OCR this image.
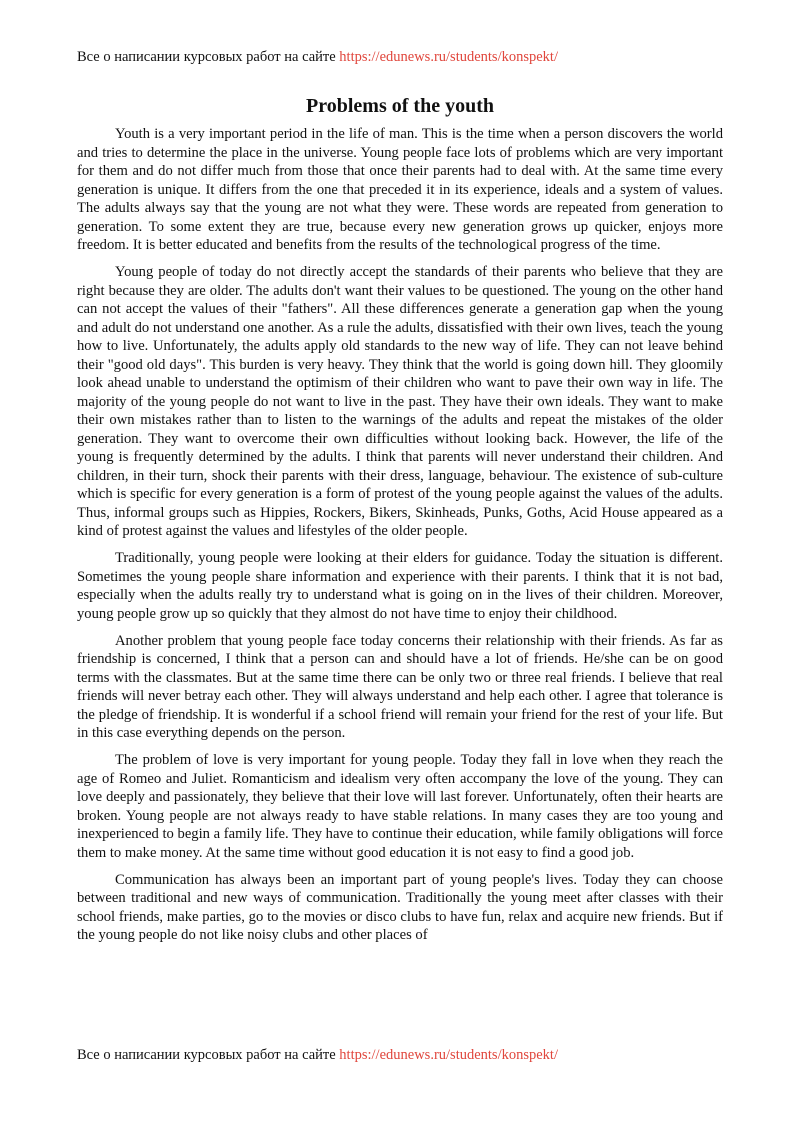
Все о написании курсовых работ на сайте https://edunews.ru/students/konspekt/
Problems of the youth

Youth is a very important period in the life of man. This is the time when a person discovers the world and tries to determine the place in the universe. Young people face lots of problems which are very important for them and do not differ much from those that once their parents had to deal with. At the same time every generation is unique. It differs from the one that preceded it in its experience, ideals and a system of values. The adults always say that the young are not what they were. These words are repeated from generation to generation. To some extent they are true, because every new generation grows up quicker, enjoys more freedom. It is better educated and benefits from the results of the technological progress of the time.

Young people of today do not directly accept the standards of their parents who believe that they are right because they are older. The adults don't want their values to be questioned. The young on the other hand can not accept the values of their "fathers". All these differences generate a generation gap when the young and adult do not understand one another. As a rule the adults, dissatisfied with their own lives, teach the young how to live. Unfortunately, the adults apply old standards to the new way of life. They can not leave behind their "good old days". This burden is very heavy. They think that the world is going down hill. They gloomily look ahead unable to understand the optimism of their children who want to pave their own way in life. The majority of the young people do not want to live in the past. They have their own ideals. They want to make their own mistakes rather than to listen to the warnings of the adults and repeat the mistakes of the older generation. They want to overcome their own difficulties without looking back. However, the life of the young is frequently determined by the adults. I think that parents will never understand their children. And children, in their turn, shock their parents with their dress, language, behaviour. The existence of sub-culture which is specific for every generation is a form of protest of the young people against the values of the adults. Thus, informal groups such as Hippies, Rockers, Bikers, Skinheads, Punks, Goths, Acid House appeared as a kind of protest against the values and lifestyles of the older people.

Traditionally, young people were looking at their elders for guidance. Today the situation is different. Sometimes the young people share information and experience with their parents. I think that it is not bad, especially when the adults really try to understand what is going on in the lives of their children. Moreover, young people grow up so quickly that they almost do not have time to enjoy their childhood.

Another problem that young people face today concerns their relationship with their friends. As far as friendship is concerned, I think that a person can and should have a lot of friends. He/she can be on good terms with the classmates. But at the same time there can be only two or three real friends. I believe that real friends will never betray each other. They will always understand and help each other. I agree that tolerance is the pledge of friendship. It is wonderful if a school friend will remain your friend for the rest of your life. But in this case everything depends on the person.

The problem of love is very important for young people. Today they fall in love when they reach the age of Romeo and Juliet. Romanticism and idealism very often accompany the love of the young. They can love deeply and passionately, they believe that their love will last forever. Unfortunately, often their hearts are broken. Young people are not always ready to have stable relations. In many cases they are too young and inexperienced to begin a family life. They have to continue their education, while family obligations will force them to make money. At the same time without good education it is not easy to find a good job.

Communication has always been an important part of young people's lives. Today they can choose between traditional and new ways of communication. Traditionally the young meet after classes with their school friends, make parties, go to the movies or disco clubs to have fun, relax and acquire new friends. But if the young people do not like noisy clubs and other places of

Все о написании курсовых работ на сайте https://edunews.ru/students/konspekt/
